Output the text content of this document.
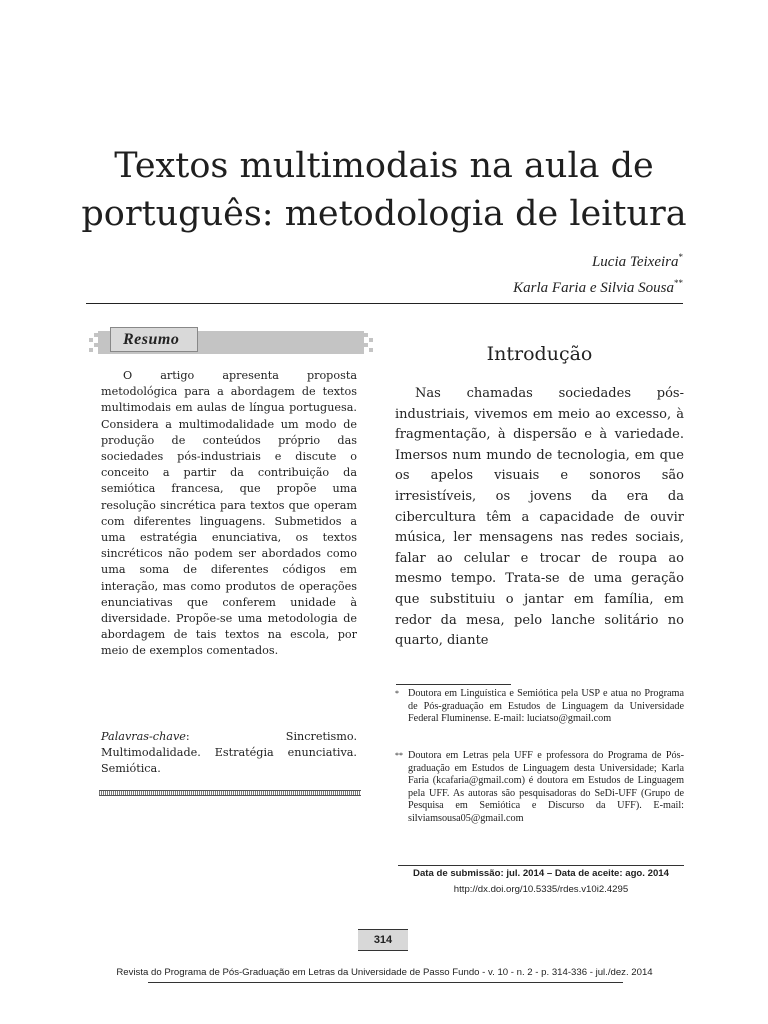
Textos multimodais na aula de
português: metodologia de leitura
Lucia Teixeira*
Karla Faria e Silvia Sousa**
Resumo

O artigo apresenta proposta metodológica para a abordagem de textos multimodais em aulas de língua portuguesa. Considera a multimodalidade um modo de produção de conteúdos próprio das sociedades pós-industriais e discute o conceito a partir da contribuição da semiótica francesa, que propõe uma resolução sincrética para textos que operam com diferentes linguagens. Submetidos a uma estratégia enunciativa, os textos sincréticos não podem ser abordados como uma soma de diferentes códigos em interação, mas como produtos de operações enunciativas que conferem unidade à diversidade. Propõe-se uma metodologia de abordagem de tais textos na escola, por meio de exemplos comentados.

Palavras-chave: Sincretismo. Multimodalidade. Estratégia enunciativa. Semiótica.
Introdução

Nas chamadas sociedades pós-industriais, vivemos em meio ao excesso, à fragmentação, à dispersão e à variedade. Imersos num mundo de tecnologia, em que os apelos visuais e sonoros são irresistíveis, os jovens da era da cibercultura têm a capacidade de ouvir música, ler mensagens nas redes sociais, falar ao celular e trocar de roupa ao mesmo tempo. Trata-se de uma geração que substituiu o jantar em família, em redor da mesa, pelo lanche solitário no quarto, diante

* Doutora em Linguística e Semiótica pela USP e atua no Programa de Pós-graduação em Estudos de Linguagem da Universidade Federal Fluminense. E-mail: luciatso@gmail.com
** Doutora em Letras pela UFF e professora do Programa de Pós-graduação em Estudos de Linguagem desta Universidade; Karla Faria (kcafaria@gmail.com) é doutora em Estudos de Linguagem pela UFF. As autoras são pesquisadoras do SeDi-UFF (Grupo de Pesquisa em Semiótica e Discurso da UFF). E-mail: silviamsousa05@gmail.com
Data de submissão: jul. 2014 – Data de aceite: ago. 2014
http://dx.doi.org/10.5335/rdes.v10i2.4295
314
Revista do Programa de Pós-Graduação em Letras da Universidade de Passo Fundo - v. 10 - n. 2 - p. 314-336 - jul./dez. 2014
